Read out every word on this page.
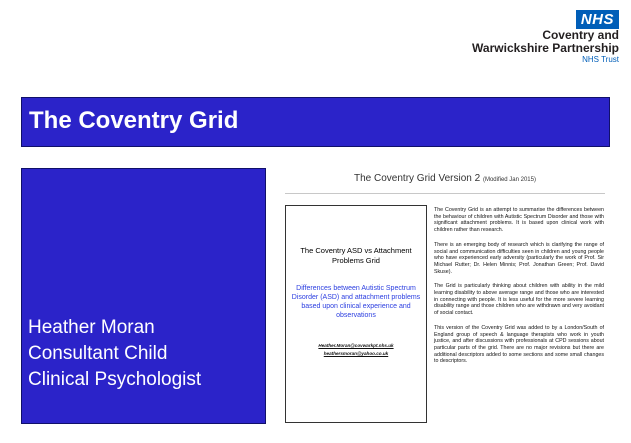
NHS
Coventry and
Warwickshire Partnership
NHS Trust
The Coventry Grid
Heather Moran
Consultant Child
Clinical Psychologist
The Coventry Grid Version 2 (Modified Jan 2015)
The Coventry ASD vs Attachment
Problems Grid
Differences between Autistic Spectrum
Disorder (ASD) and attachment problems
based upon clinical experience and
observations
Heather.Moran@covwarkpt.nhs.uk
heathersmoran@yahoo.co.uk

The Coventry Grid is an attempt to summarise the differences between the behaviour of children with Autistic Spectrum Disorder and those with significant attachment problems. It is based upon clinical work with children rather than research.

There is an emerging body of research which is clarifying the range of social and communication difficulties seen in children and young people who have experienced early adversity (particularly the work of Prof. Sir Michael Rutter; Dr. Helen Minnis; Prof. Jonathan Green; Prof. David Skuse).

The Grid is particularly thinking about children with ability in the mild learning disability to above average range and those who are interested in connecting with people. It is less useful for the more severe learning disability range and those children who are withdrawn and very avoidant of social contact.

This version of the Coventry Grid was added to by a London/South of England group of speech & language therapists who work in youth justice, and after discussions with professionals at CPD sessions about particular parts of the grid. There are no major revisions but there are additional descriptors added to some sections and some small changes to descriptors.
